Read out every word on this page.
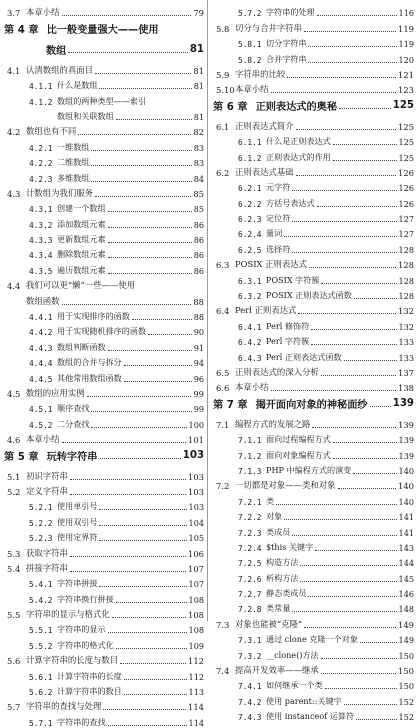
3.7 本章小结	79
第 4 章 比一般变量强大——使用
数组	81
4.1 认清数组的真面目	81
4.1.1 什么是数组	81
4.1.2 数组的两种类型——索引
数组和关联数组	81
4.2 数组也有不同	82
4.2.1 一维数组	83
4.2.2 二维数组	83
4.2.3 多维数组	84
4.3 计数组为我们服务	85
4.3.1 创建一个数组	85
4.3.2 添加数组元素	86
4.3.3 更新数组元素	86
4.3.4 删除数组元素	86
4.3.5 遍历数组元素	86
4.4 我们可以更“懒”一些——使用
数组函数	88
4.4.1 用于实现排序的函数	88
4.4.2 用于实现随机排序的函数	90
4.4.3 数组判断函数	91
4.4.4 数组的合并与拆分	94
4.4.5 其他常用数组函数	96
4.5 数组的应用实例	99
4.5.1 顺序查找	99
4.5.2 二分查找	100
4.6 本章小结	101
第 5 章 玩转字符串	103
5.1 初识字符串	103
5.2 定义字符串	103
5.2.1 使用单引号	103
5.2.2 使用双引号	104
5.2.3 使用定界符	105
5.3 获取字符串	106
5.4 拼接字符串	107
5.4.1 字符串拼接	107
5.4.2 字符串换行拼接	108
5.5 字符串的显示与格式化	108
5.5.1 字符串的显示	108
5.5.2 字符串的格式化	109
5.6 计算字符串的长度与数目	112
5.6.1 计算字符串的长度	112
5.6.2 计算字符串的数目	113
5.7 字符串的查找与处理	114
5.7.1 字符串的查找	114
5.7.2 字符串的处理	116
5.8 切分与合并字符串	119
5.8.1 切分字符串	119
5.8.2 合并字符串	120
5.9 字符串的比较	121
5.10 本章小结	123
第 6 章 正则表达式的奥秘	125
6.1 正则表达式简介	125
6.1.1 什么是正则表达式	125
6.1.2 正则表达式的作用	125
6.2 正则表达式基础	126
6.2.1 元字符	126
6.2.2 方括号表达式	126
6.2.3 定位符	127
6.2.4 量词	127
6.2.5 选择符	128
6.3 POSIX 正则表达式	128
6.3.1 POSIX 字符簇	128
6.3.2 POSIX 正则表达式函数	128
6.4 Perl 正则表达式	132
6.4.1 Perl 修饰符	132
6.4.2 Perl 字符簇	133
6.4.3 Perl 正则表达式函数	133
6.5 正则表达式的深入分析	137
6.6 本章小结	138
第 7 章 揭开面向对象的神秘面纱 139
7.1 编程方式的发展之路	139
7.1.1 面向过程编程方式	139
7.1.2 面向对象编程方式	139
7.1.3 PHP 中编程方式的演变	140
7.2 一切都是对象——类和对象	140
7.2.1 类	140
7.2.2 对象	141
7.2.3 类成员	141
7.2.4 $this 关键字	143
7.2.5 构造方法	144
7.2.6 析构方法	145
7.2.7 静态类成员	146
7.2.8 类常量	148
7.3 对象也能被“克隆”	149
7.3.1 通过 clone 克隆一个对象	149
7.3.2 __clone()方法	150
7.4 提高开发效率——继承	150
7.4.1 如何继承一个类	150
7.4.2 使用 parent::关键字	152
7.4.3 使用 instanceof 运算符	152
